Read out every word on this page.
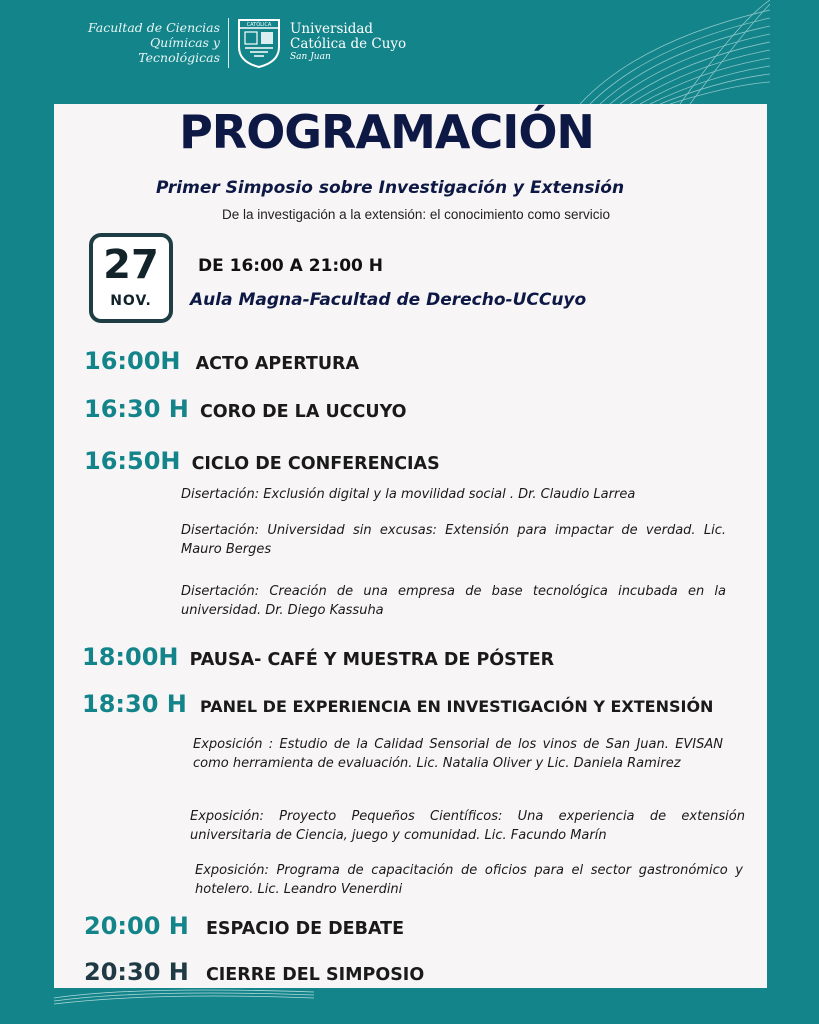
Facultad de Ciencias
Químicas y
Tecnológicas
CATÓLICA Universidad
Católica de Cuyo
San Juan
PROGRAMACIÓN
Primer Simposio sobre Investigación y Extensión
De la investigación a la extensión: el conocimiento como servicio
27
NOV.
DE 16:00 A 21:00 H
Aula Magna-Facultad de Derecho-UCCuyo
16:00H ACTO APERTURA
16:30 H CORO DE LA UCCUYO
16:50H CICLO DE CONFERENCIAS
Disertación: Exclusión digital y la movilidad social . Dr. Claudio Larrea
Disertación: Universidad sin excusas: Extensión para impactar de verdad. Lic. Mauro Berges
Disertación: Creación de una empresa de base tecnológica incubada en la universidad. Dr. Diego Kassuha
18:00H PAUSA- CAFÉ Y MUESTRA DE PÓSTER
18:30 H PANEL DE EXPERIENCIA EN INVESTIGACIÓN Y EXTENSIÓN
Exposición : Estudio de la Calidad Sensorial de los vinos de San Juan. EVISAN como herramienta de evaluación. Lic. Natalia Oliver y Lic. Daniela Ramirez
Exposición: Proyecto Pequeños Científicos: Una experiencia de extensión universitaria de Ciencia, juego y comunidad. Lic. Facundo Marín
Exposición: Programa de capacitación de oficios para el sector gastronómico y hotelero. Lic. Leandro Venerdini
20:00 H ESPACIO DE DEBATE
20:30 H CIERRE DEL SIMPOSIO
